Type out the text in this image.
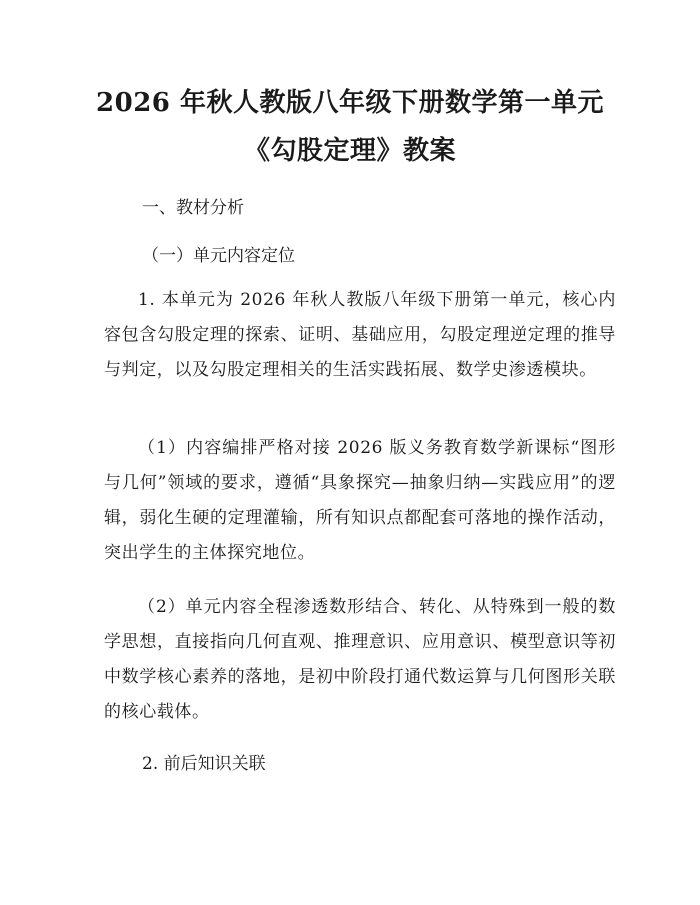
2026 年秋人教版八年级下册数学第一单元
《勾股定理》教案
一、教材分析
（一）单元内容定位
1. 本单元为 2026 年秋人教版八年级下册第一单元，核心内容包含勾股定理的探索、证明、基础应用，勾股定理逆定理的推导与判定，以及勾股定理相关的生活实践拓展、数学史渗透模块。
（1）内容编排严格对接 2026 版义务教育数学新课标“图形与几何”领域的要求，遵循“具象探究—抽象归纳—实践应用”的逻辑，弱化生硬的定理灌输，所有知识点都配套可落地的操作活动，突出学生的主体探究地位。
（2）单元内容全程渗透数形结合、转化、从特殊到一般的数学思想，直接指向几何直观、推理意识、应用意识、模型意识等初中数学核心素养的落地，是初中阶段打通代数运算与几何图形关联的核心载体。
2. 前后知识关联
